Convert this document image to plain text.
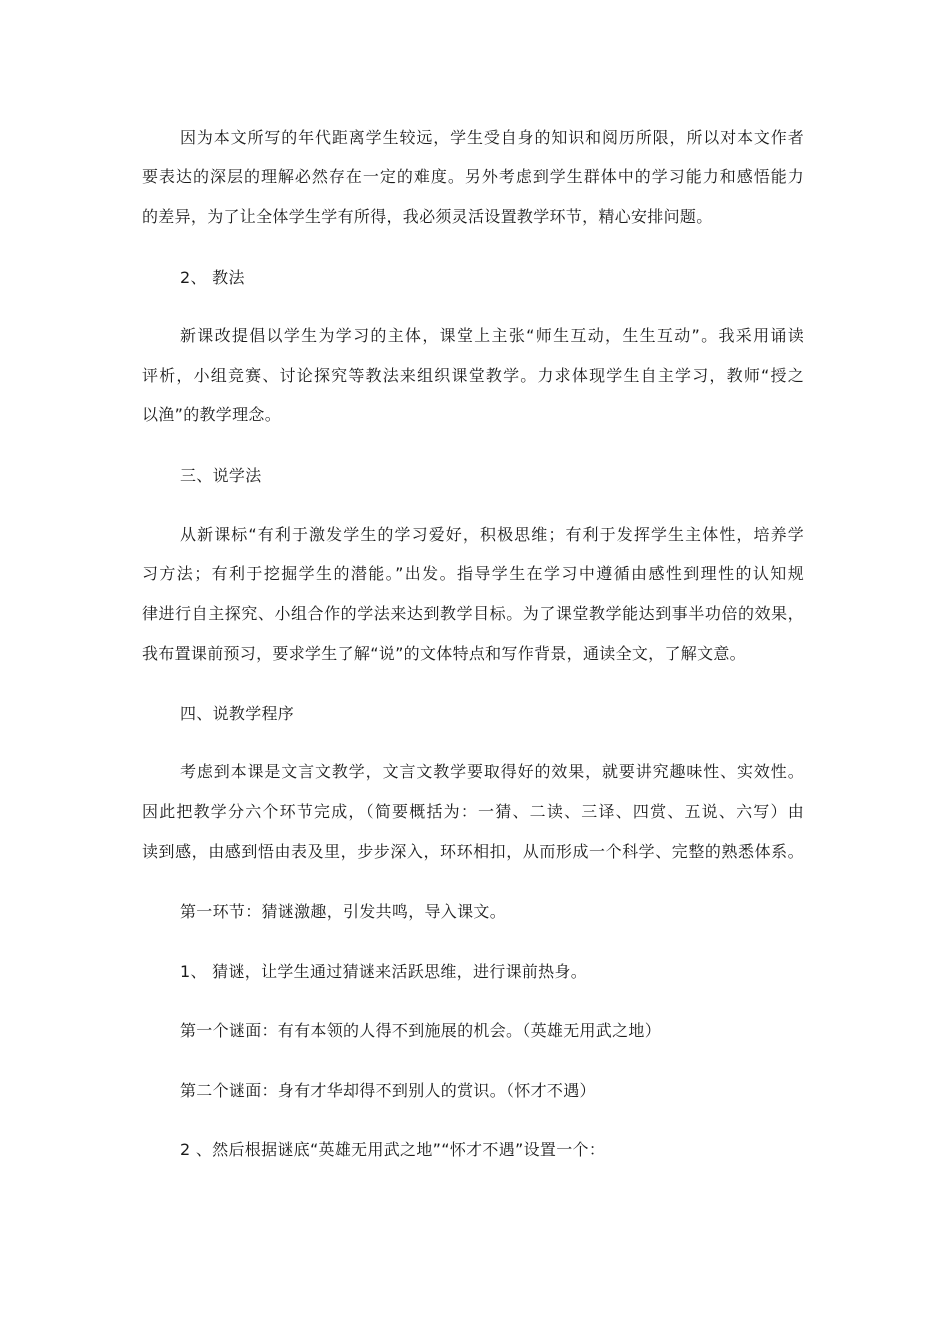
因为本文所写的年代距离学生较远，学生受自身的知识和阅历所限，所以对本文作者
要表达的深层的理解必然存在一定的难度。另外考虑到学生群体中的学习能力和感悟能力
的差异，为了让全体学生学有所得，我必须灵活设置教学环节，精心安排问题。
2、 教法
新课改提倡以学生为学习的主体，课堂上主张“师生互动，生生互动”。我采用诵读
评析，小组竞赛、讨论探究等教法来组织课堂教学。力求体现学生自主学习，教师“授之
以渔”的教学理念。
三、说学法
从新课标“有利于激发学生的学习爱好，积极思维；有利于发挥学生主体性，培养学
习方法；有利于挖掘学生的潜能。”出发。指导学生在学习中遵循由感性到理性的认知规
律进行自主探究、小组合作的学法来达到教学目标。为了课堂教学能达到事半功倍的效果，
我布置课前预习，要求学生了解“说”的文体特点和写作背景，通读全文，了解文意。
四、说教学程序
考虑到本课是文言文教学，文言文教学要取得好的效果，就要讲究趣味性、实效性。
因此把教学分六个环节完成，（简要概括为：一猜、二读、三译、四赏、五说、六写）由
读到感，由感到悟由表及里，步步深入，环环相扣，从而形成一个科学、完整的熟悉体系。
第一环节：猜谜激趣，引发共鸣，导入课文。
1、 猜谜，让学生通过猜谜来活跃思维，进行课前热身。
第一个谜面：有有本领的人得不到施展的机会。（英雄无用武之地）
第二个谜面：身有才华却得不到别人的赏识。（怀才不遇）
2 、然后根据谜底“英雄无用武之地”“怀才不遇”设置一个：
